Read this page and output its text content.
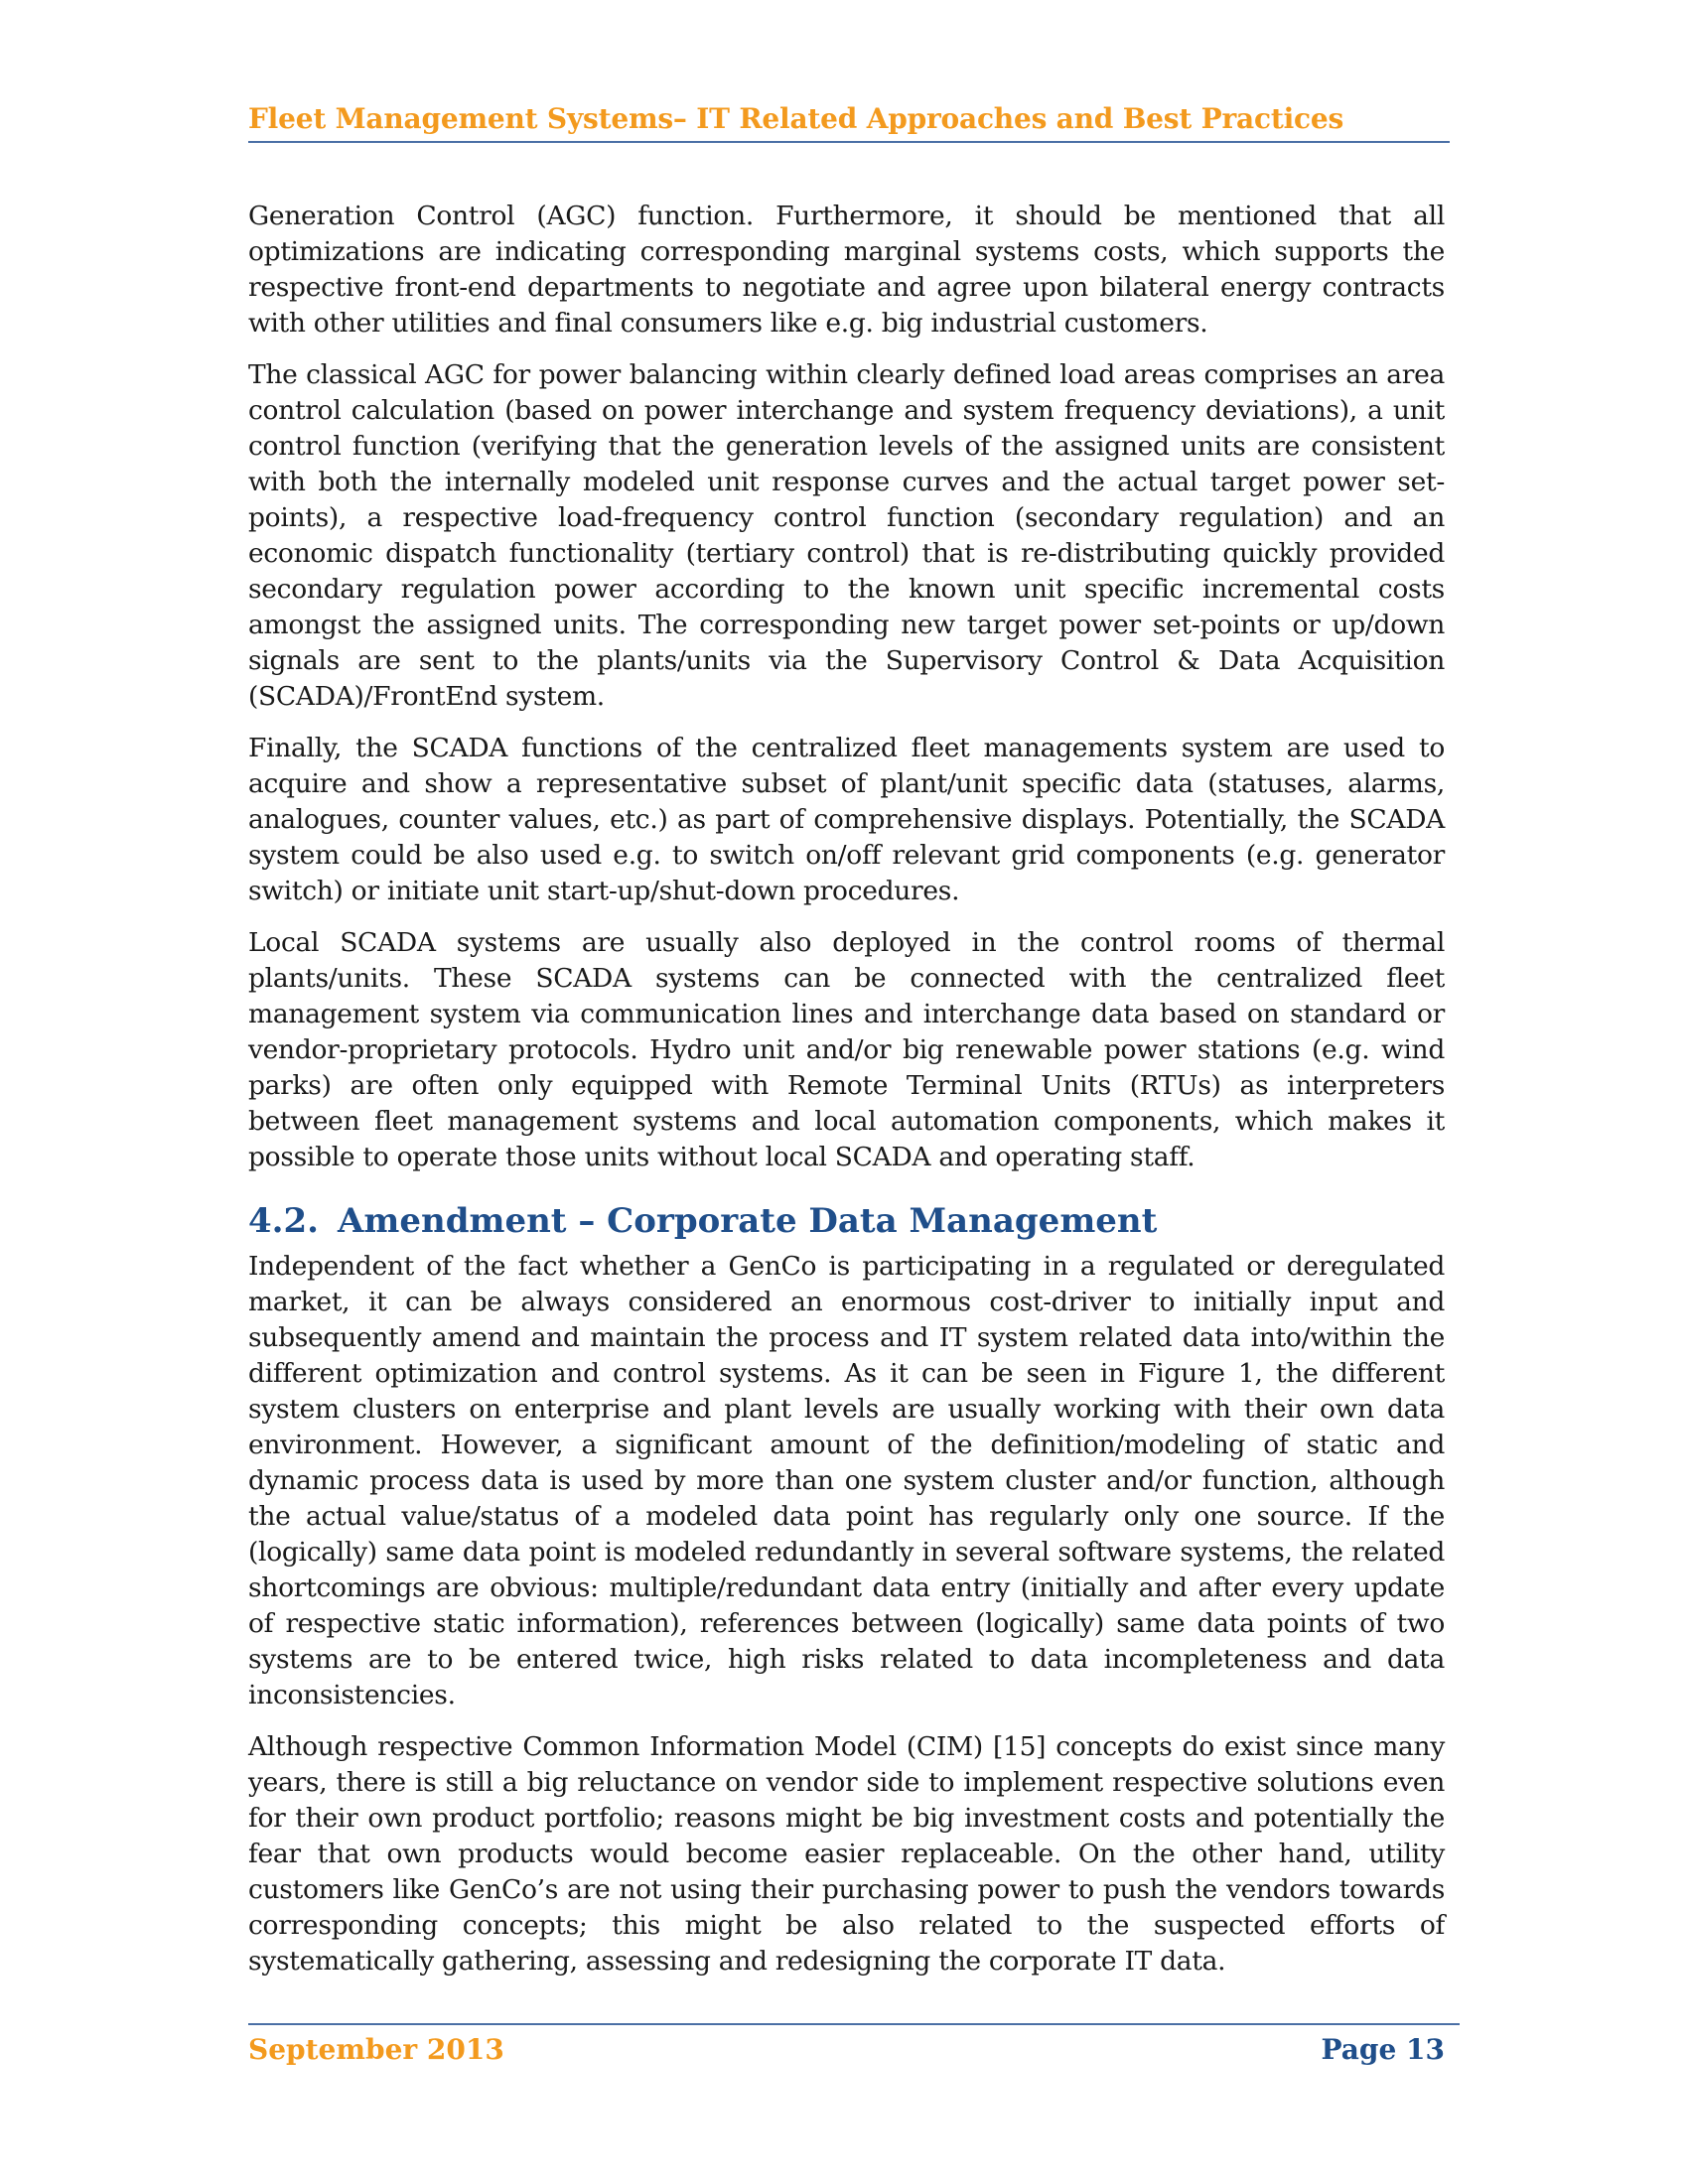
Fleet Management Systems– IT Related Approaches and Best Practices

Generation Control (AGC) function. Furthermore, it should be mentioned that all optimizations are indicating corresponding marginal systems costs, which supports the respective front-end departments to negotiate and agree upon bilateral energy contracts with other utilities and final consumers like e.g. big industrial customers.

The classical AGC for power balancing within clearly defined load areas comprises an area control calculation (based on power interchange and system frequency deviations), a unit control function (verifying that the generation levels of the assigned units are consistent with both the internally modeled unit response curves and the actual target power set-points), a respective load-frequency control function (secondary regulation) and an economic dispatch functionality (tertiary control) that is re-distributing quickly provided secondary regulation power according to the known unit specific incremental costs amongst the assigned units. The corresponding new target power set-points or up/down signals are sent to the plants/units via the Supervisory Control & Data Acquisition (SCADA)/FrontEnd system.

Finally, the SCADA functions of the centralized fleet managements system are used to acquire and show a representative subset of plant/unit specific data (statuses, alarms, analogues, counter values, etc.) as part of comprehensive displays. Potentially, the SCADA system could be also used e.g. to switch on/off relevant grid components (e.g. generator switch) or initiate unit start-up/shut-down procedures.

Local SCADA systems are usually also deployed in the control rooms of thermal plants/units. These SCADA systems can be connected with the centralized fleet management system via communication lines and interchange data based on standard or vendor-proprietary protocols. Hydro unit and/or big renewable power stations (e.g. wind parks) are often only equipped with Remote Terminal Units (RTUs) as interpreters between fleet management systems and local automation components, which makes it possible to operate those units without local SCADA and operating staff.

4.2. Amendment – Corporate Data Management

Independent of the fact whether a GenCo is participating in a regulated or deregulated market, it can be always considered an enormous cost-driver to initially input and subsequently amend and maintain the process and IT system related data into/within the different optimization and control systems. As it can be seen in Figure 1, the different system clusters on enterprise and plant levels are usually working with their own data environment. However, a significant amount of the definition/modeling of static and dynamic process data is used by more than one system cluster and/or function, although the actual value/status of a modeled data point has regularly only one source. If the (logically) same data point is modeled redundantly in several software systems, the related shortcomings are obvious: multiple/redundant data entry (initially and after every update of respective static information), references between (logically) same data points of two systems are to be entered twice, high risks related to data incompleteness and data inconsistencies.

Although respective Common Information Model (CIM) [15] concepts do exist since many years, there is still a big reluctance on vendor side to implement respective solutions even for their own product portfolio; reasons might be big investment costs and potentially the fear that own products would become easier replaceable. On the other hand, utility customers like GenCo’s are not using their purchasing power to push the vendors towards corresponding concepts; this might be also related to the suspected efforts of systematically gathering, assessing and redesigning the corporate IT data.

September 2013	Page 13
